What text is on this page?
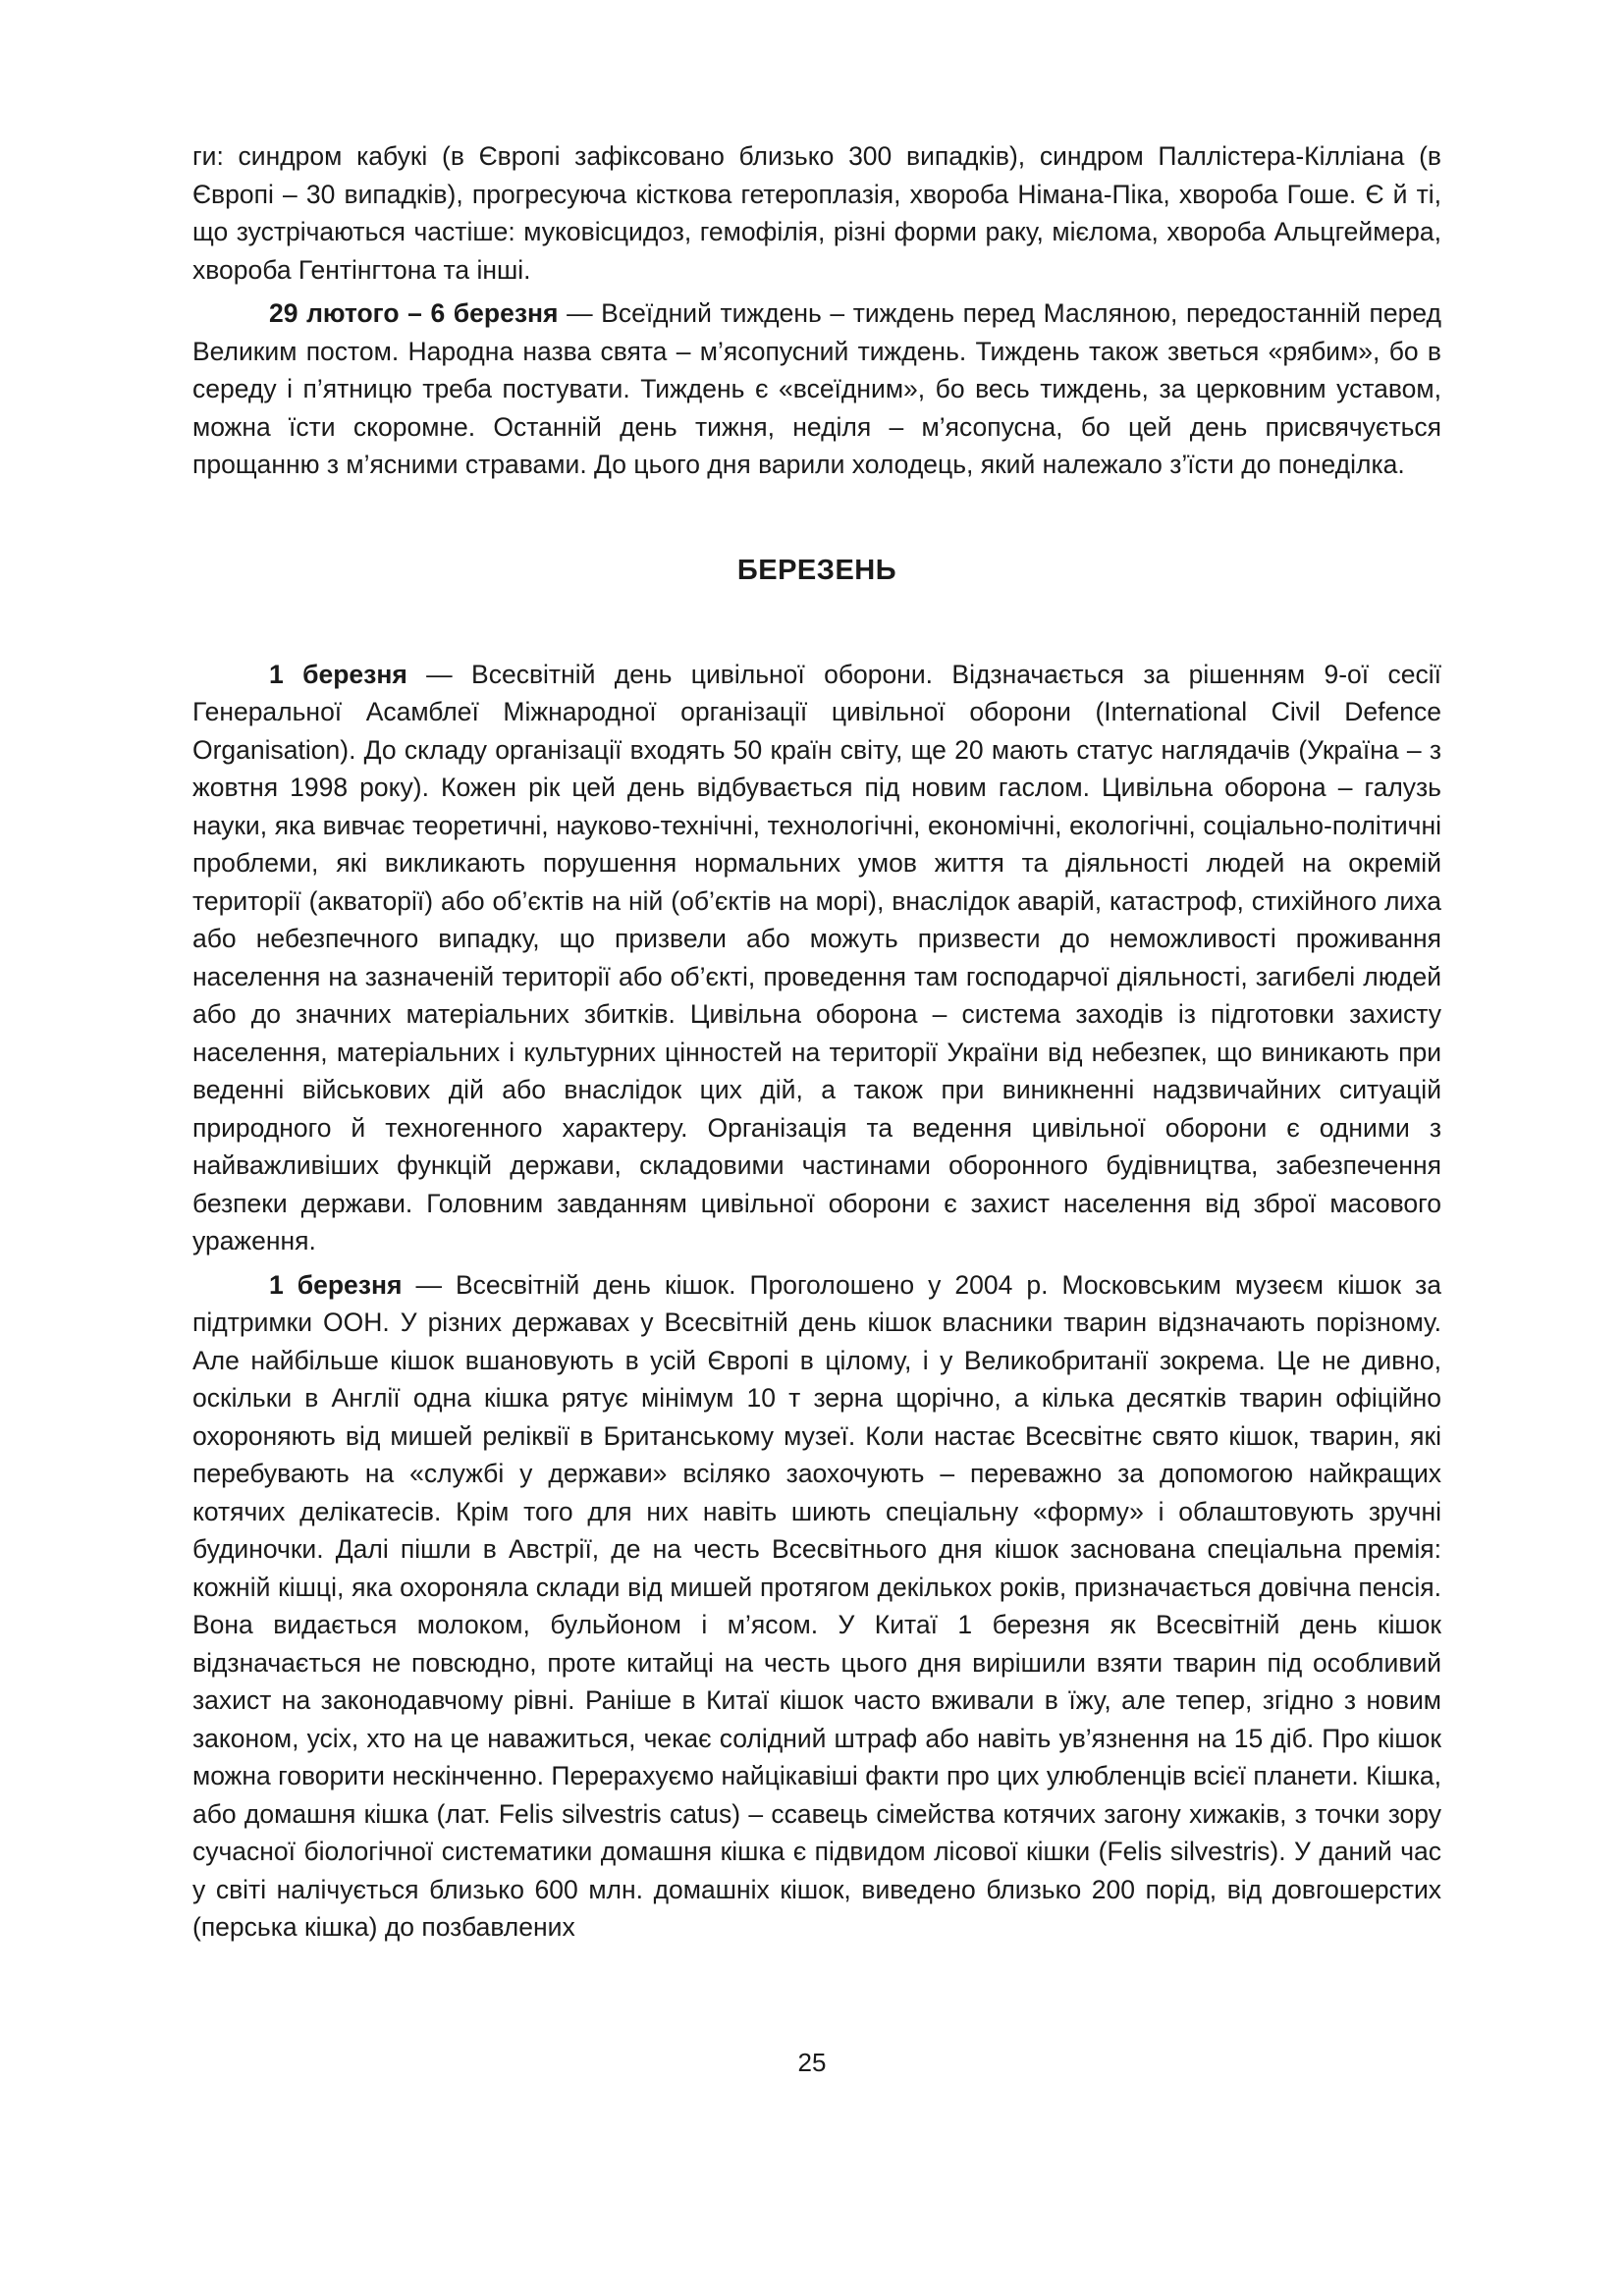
ги: синдром кабукі (в Європі зафіксовано близько 300 випадків), синдром Паллістера-Кілліана (в Європі – 30 випадків), прогресуюча кісткова гетероплазія, хвороба Німана-Піка, хвороба Гоше. Є й ті, що зустрічаються частіше: муковісцидоз, гемофілія, різні форми раку, мієлома, хвороба Альцгеймера, хвороба Гентінгтона та інші.

29 лютого – 6 березня — Всеїдний тиждень – тиждень перед Масляною, передостанній перед Великим постом. Народна назва свята – м’ясопусний тиждень. Тиждень також зветься «рябим», бо в середу і п’ятницю треба постувати. Тиждень є «всеїдним», бо весь тиждень, за церковним уставом, можна їсти скоромне. Останній день тижня, неділя – м’ясопусна, бо цей день присвячується прощанню з м’ясними стравами. До цього дня варили холодець, який належало з’їсти до понеділка.

БЕРЕЗЕНЬ

1 березня — Всесвітній день цивільної оборони. Відзначається за рішенням 9-ої сесії Генеральної Асамблеї Міжнародної організації цивільної оборони (International Civil Defence Organisation). До складу організації входять 50 країн світу, ще 20 мають статус наглядачів (Україна – з жовтня 1998 року). Кожен рік цей день відбувається під новим гаслом. Цивільна оборона – галузь науки, яка вивчає теоретичні, науково-технічні, технологічні, економічні, екологічні, соціально-політичні проблеми, які викликають порушення нормальних умов життя та діяльності людей на окремій території (акваторії) або об’єктів на ній (об’єктів на морі), внаслідок аварій, катастроф, стихійного лиха або небезпечного випадку, що призвели або можуть призвести до неможливості проживання населення на зазначеній території або об’єкті, проведення там господарчої діяльності, загибелі людей або до значних матеріальних збитків. Цивільна оборона – система заходів із підготовки захисту населення, матеріальних і культурних цінностей на території України від небезпек, що виникають при веденні військових дій або внаслідок цих дій, а також при виникненні надзвичайних ситуацій природного й техногенного характеру. Організація та ведення цивільної оборони є одними з найважливіших функцій держави, складовими частинами оборонного будівництва, забезпечення безпеки держави. Головним завданням цивільної оборони є захист населення від зброї масового ураження.

1 березня — Всесвітній день кішок. Проголошено у 2004 р. Московським музеєм кішок за підтримки ООН. У різних державах у Всесвітній день кішок власники тварин відзначають порізному. Але найбільше кішок вшановують в усій Європі в цілому, і у Великобританії зокрема. Це не дивно, оскільки в Англії одна кішка рятує мінімум 10 т зерна щорічно, а кілька десятків тварин офіційно охороняють від мишей реліквії в Британському музеї. Коли настає Всесвітнє свято кішок, тварин, які перебувають на «службі у держави» всіляко заохочують – переважно за допомогою найкращих котячих делікатесів. Крім того для них навіть шиють спеціальну «форму» і облаштовують зручні будиночки. Далі пішли в Австрії, де на честь Всесвітнього дня кішок заснована спеціальна премія: кожній кішці, яка охороняла склади від мишей протягом декількох років, призначається довічна пенсія. Вона видається молоком, бульйоном і м’ясом. У Китаї 1 березня як Всесвітній день кішок відзначається не повсюдно, проте китайці на честь цього дня вирішили взяти тварин під особливий захист на законодавчому рівні. Раніше в Китаї кішок часто вживали в їжу, але тепер, згідно з новим законом, усіх, хто на це наважиться, чекає солідний штраф або навіть ув’язнення на 15 діб. Про кішок можна говорити нескінченно. Перерахуємо найцікавіші факти про цих улюбленців всієї планети. Кішка, або домашня кішка (лат. Felis silvestris catus) – ссавець сімейства котячих загону хижаків, з точки зору сучасної біологічної систематики домашня кішка є підвидом лісової кішки (Felis silvestris). У даний час у світі налічується близько 600 млн. домашніх кішок, виведено близько 200 порід, від довгошерстих (перська кішка) до позбавлених

25
